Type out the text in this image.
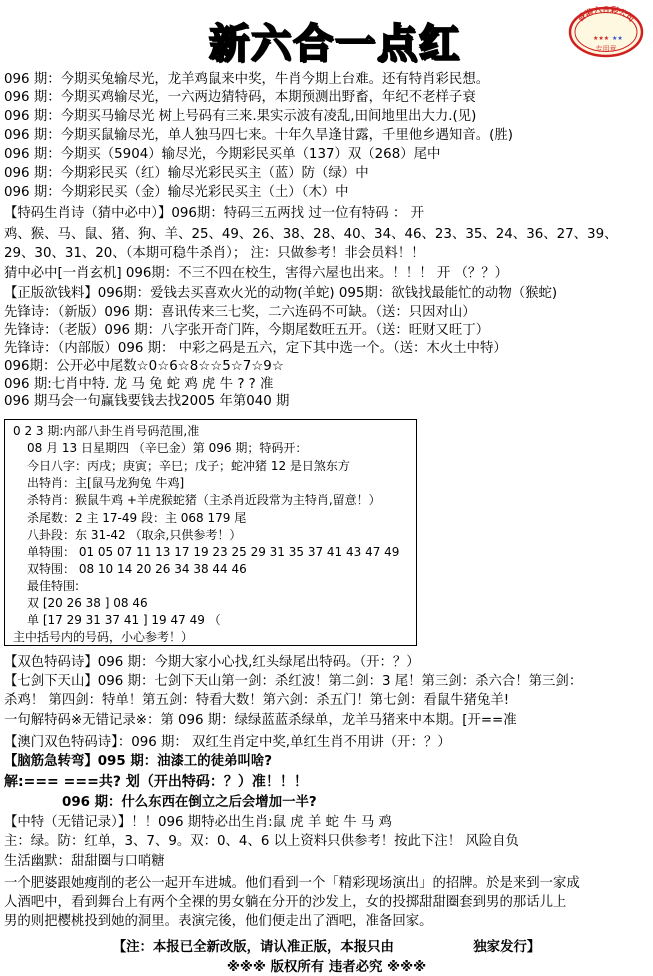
新六合一点红
香港六合彩公司
★★★ ★★
专用章
096 期：今期买兔输尽光，龙羊鸡鼠来中奖，牛肖今期上台难。还有特肖彩民想。
096 期：今期买鸡输尽光，一六两边猜特码，本期预测出野畜，年纪不老样子衰
096 期：今期买马输尽光 树上号码有三来.果实示波有凌乱,田间地里出大力.(见)
096 期：今期买鼠输尽光，单人独马四七来。十年久旱逢甘露，千里他乡遇知音。(胜)
096 期：今期买（5904）输尽光，今期彩民买单（137）双（268）尾中
096 期：今期彩民买（红）输尽光彩民买主（蓝）防（绿）中
096 期：今期彩民买（金）输尽光彩民买主（土）（木）中
【特码生肖诗（猜中必中）】096期：特码三五两找 过一位有特码 ： 开
鸡、猴、马、鼠、猪、狗、羊、25、49、26、38、28、40、34、46、23、35、24、36、27、39、
29、30、31、20、（本期可稳牛杀肖）； 注：只做参考！非会员料！！
猜中必中[一肖玄机] 096期：不三不四在校生，害得六屋也出来。！！！ 开 （？？）
【正版欲钱料】096期：爱钱去买喜欢火光的动物(羊蛇) 095期：欲钱找最能忙的动物（猴蛇)
先锋诗：（新版）096 期：喜讯传来三七奖，二六连码不可缺。（送：只因对山）
先锋诗：（老版）096 期：八字张开奇门阵，今期尾数旺五开。（送：旺财又旺丁）
先锋诗：（内部版）096 期： 中彩之码是五六，定下其中选一个。（送：木火土中特）
096期：公开必中尾数☆0☆6☆8☆☆5☆7☆9☆
096 期:七肖中特. 龙 马 兔 蛇 鸡 虎 牛 ? ? 准
096 期马会一句赢钱要钱去找2005 年第040 期
0 2 3 期:内部八卦生肖号码范围,准
08 月 13 日星期四 （辛巳金）第 096 期；特码开：
今日八字：丙戌；庚寅；辛巳；戊子；蛇冲猪 12 是日煞东方
出特肖：主[鼠马龙狗兔 牛鸡]
杀特肖：猴鼠牛鸡 +羊虎猴蛇猪（主杀肖近段常为主特肖,留意！）
杀尾数：2 主 17-49 段：主 068 179 尾
八卦段：东 31-42 （取余,只供参考！）
单特围： 01 05 07 11 13 17 19 23 25 29 31 35 37 41 43 47 49
双特围： 08 10 14 20 26 34 38 44 46
最佳特围:
双 [20 26 38 ] 08 46
单 [17 29 31 37 41 ] 19 47 49 （
主中括号内的号码，小心参考！）
【双色特码诗】096 期：今期大家小心找,红头绿尾出特码。（开：？）
【七剑下天山】096 期：七剑下天山第一剑：杀红波！第二剑：3 尾！第三剑：杀六合！第三剑：
杀鸡！ 第四剑：特单！第五剑：特看大数！第六剑：杀五门！第七剑：看鼠牛猪兔羊!
一句解特码※无错记录※：第 096 期：绿绿蓝蓝杀绿单，龙羊马猪来中本期。[开==准
【澳门双色特码诗】：096 期： 双红生肖定中奖,单红生肖不用讲（开：？）
【脑筋急转弯】095 期：油漆工的徒弟叫啥?
解:=== ===共? 划（开出特码：？）准！！！
096 期：什么东西在倒立之后会增加一半?
【中特（无错记录）】！！096 期特必出生肖:鼠 虎 羊 蛇 牛 马 鸡
主：绿。防：红单，3、7、9。双：0、4、6 以上资料只供参考！按此下注！ 风险自负
生活幽默：甜甜圈与口哨糖
一个肥婆跟她瘦削的老公一起开车进城。他们看到一个「精彩现场演出」的招牌。於是来到一家成
人酒吧中，看到舞台上有两个全裸的男女躺在分开的沙发上，女的投掷甜甜圈套到男的那话儿上
男的则把樱桃投到她的洞里。表演完後，他们便走出了酒吧，准备回家。
【注：本报已全新改版，请认准正版，本报只由	独家发行】
※※※ 版权所有 违者必究 ※※※
